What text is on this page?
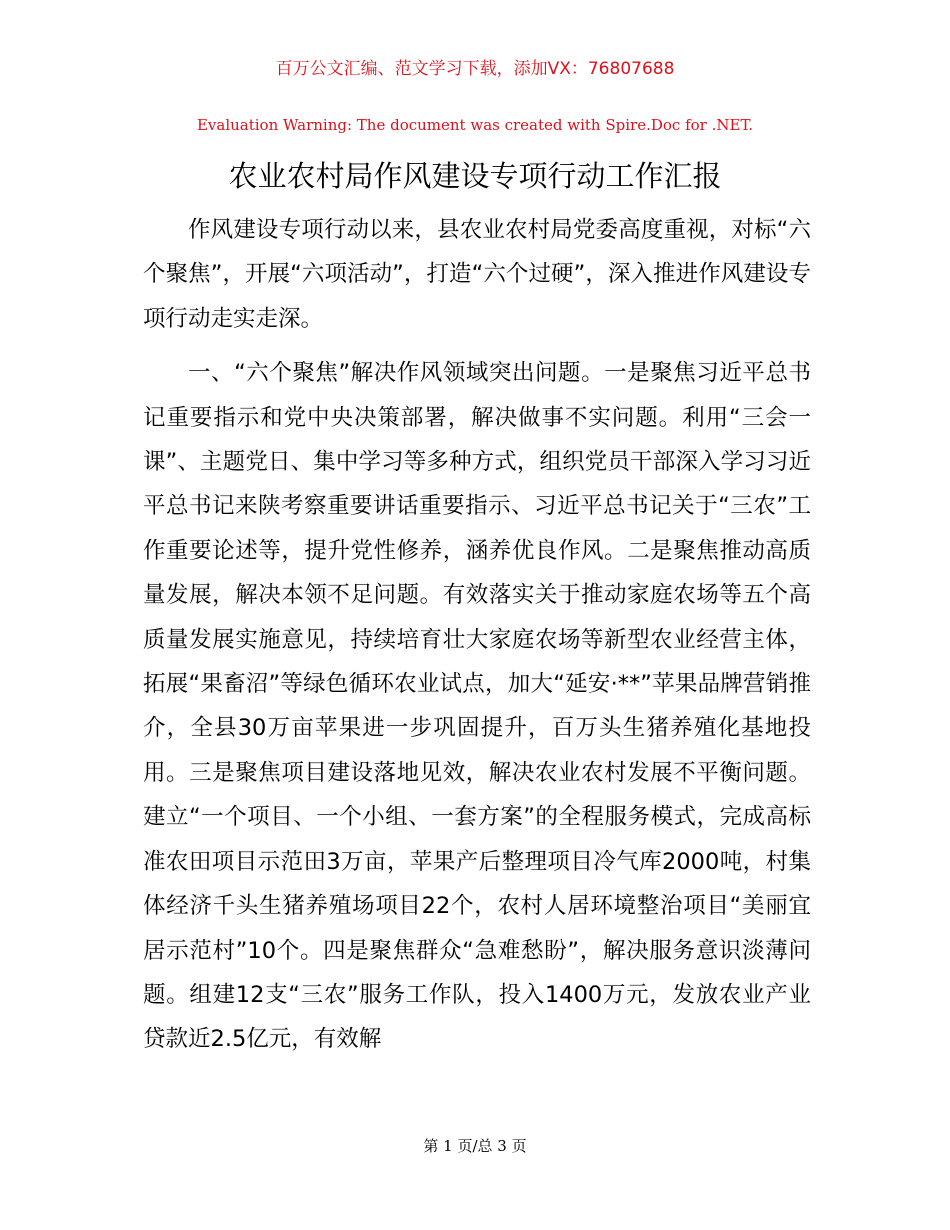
百万公文汇编、范文学习下载，添加VX：76807688
Evaluation Warning: The document was created with Spire.Doc for .NET.
农业农村局作风建设专项行动工作汇报

作风建设专项行动以来，县农业农村局党委高度重视，对标“六个聚焦”，开展“六项活动”，打造“六个过硬”，深入推进作风建设专项行动走实走深。

一、“六个聚焦”解决作风领域突出问题。一是聚焦习近平总书记重要指示和党中央决策部署，解决做事不实问题。利用“三会一课”、主题党日、集中学习等多种方式，组织党员干部深入学习习近平总书记来陕考察重要讲话重要指示、习近平总书记关于“三农”工作重要论述等，提升党性修养，涵养优良作风。二是聚焦推动高质量发展，解决本领不足问题。有效落实关于推动家庭农场等五个高质量发展实施意见，持续培育壮大家庭农场等新型农业经营主体，拓展“果畜沼”等绿色循环农业试点，加大“延安·**”苹果品牌营销推介，全县30万亩苹果进一步巩固提升，百万头生猪养殖化基地投用。三是聚焦项目建设落地见效，解决农业农村发展不平衡问题。建立“一个项目、一个小组、一套方案”的全程服务模式，完成高标准农田项目示范田3万亩，苹果产后整理项目冷气库2000吨，村集体经济千头生猪养殖场项目22个，农村人居环境整治项目“美丽宜居示范村”10个。四是聚焦群众“急难愁盼”，解决服务意识淡薄问题。组建12支“三农”服务工作队，投入1400万元，发放农业产业贷款近2.5亿元，有效解

第 1 页/总 3 页
